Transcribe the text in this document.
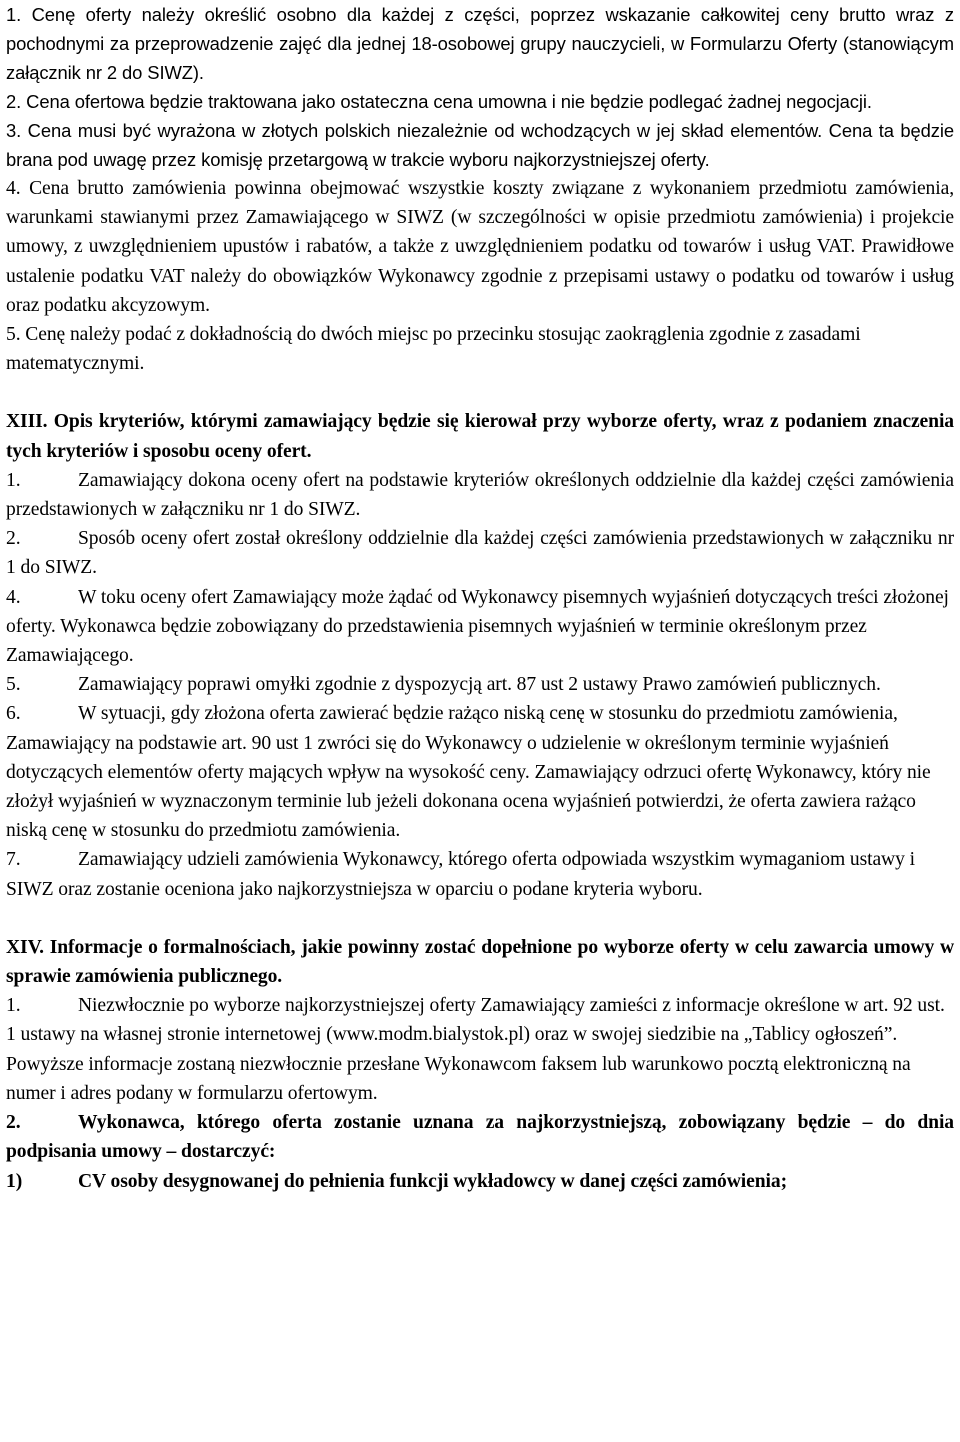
1. Cenę oferty należy określić osobno dla każdej z części, poprzez wskazanie całkowitej ceny brutto wraz z pochodnymi za przeprowadzenie zajęć dla jednej 18-osobowej grupy nauczycieli, w Formularzu Oferty (stanowiącym załącznik nr 2 do SIWZ).

2. Cena ofertowa będzie traktowana jako ostateczna cena umowna i nie będzie podlegać żadnej negocjacji.

3. Cena musi być wyrażona w złotych polskich niezależnie od wchodzących w jej skład elementów. Cena ta będzie brana pod uwagę przez komisję przetargową w trakcie wyboru najkorzystniejszej oferty.

4. Cena brutto zamówienia powinna obejmować wszystkie koszty związane z wykonaniem przedmiotu zamówienia, warunkami stawianymi przez Zamawiającego w SIWZ (w szczególności w opisie przedmiotu zamówienia) i projekcie umowy, z uwzględnieniem upustów i rabatów, a także z uwzględnieniem podatku od towarów i usług VAT. Prawidłowe ustalenie podatku VAT należy do obowiązków Wykonawcy zgodnie z przepisami ustawy o podatku od towarów i usług oraz podatku akcyzowym.

5. Cenę należy podać z dokładnością do dwóch miejsc po przecinku stosując zaokrąglenia zgodnie z zasadami matematycznymi.

XIII. Opis kryteriów, którymi zamawiający będzie się kierował przy wyborze oferty, wraz z podaniem znaczenia tych kryteriów i sposobu oceny ofert.

1.	Zamawiający dokona oceny ofert na podstawie kryteriów określonych oddzielnie dla każdej części zamówienia przedstawionych w załączniku nr 1 do SIWZ.

2.	Sposób oceny ofert został określony oddzielnie dla każdej części zamówienia przedstawionych w załączniku nr 1 do SIWZ.

4.	W toku oceny ofert Zamawiający może żądać od Wykonawcy pisemnych wyjaśnień dotyczących treści złożonej oferty. Wykonawca będzie zobowiązany do przedstawienia pisemnych wyjaśnień w terminie określonym przez Zamawiającego.

5.	Zamawiający poprawi omyłki zgodnie z dyspozycją art. 87 ust 2 ustawy Prawo zamówień publicznych.

6.	W sytuacji, gdy złożona oferta zawierać będzie rażąco niską cenę w stosunku do przedmiotu zamówienia, Zamawiający na podstawie art. 90 ust 1 zwróci się do Wykonawcy o udzielenie w określonym terminie wyjaśnień dotyczących elementów oferty mających wpływ na wysokość ceny. Zamawiający odrzuci ofertę Wykonawcy, który nie złożył wyjaśnień w wyznaczonym terminie lub jeżeli dokonana ocena wyjaśnień potwierdzi, że oferta zawiera rażąco niską cenę w stosunku do przedmiotu zamówienia.

7.	Zamawiający udzieli zamówienia Wykonawcy, którego oferta odpowiada wszystkim wymaganiom ustawy i SIWZ oraz zostanie oceniona jako najkorzystniejsza w oparciu o podane kryteria wyboru.

XIV. Informacje o formalnościach, jakie powinny zostać dopełnione po wyborze oferty w celu zawarcia umowy w sprawie zamówienia publicznego.

1.	Niezwłocznie po wyborze najkorzystniejszej oferty Zamawiający zamieści z informacje określone w art. 92 ust. 1 ustawy na własnej stronie internetowej (www.modm.bialystok.pl) oraz w swojej siedzibie na „Tablicy ogłoszeń”. Powyższe informacje zostaną niezwłocznie przesłane Wykonawcom faksem lub warunkowo pocztą elektroniczną na numer i adres podany w formularzu ofertowym.

2.	Wykonawca, którego oferta zostanie uznana za najkorzystniejszą, zobowiązany będzie – do dnia podpisania umowy – dostarczyć:

1)	CV osoby desygnowanej do pełnienia funkcji wykładowcy w danej części zamówienia;
